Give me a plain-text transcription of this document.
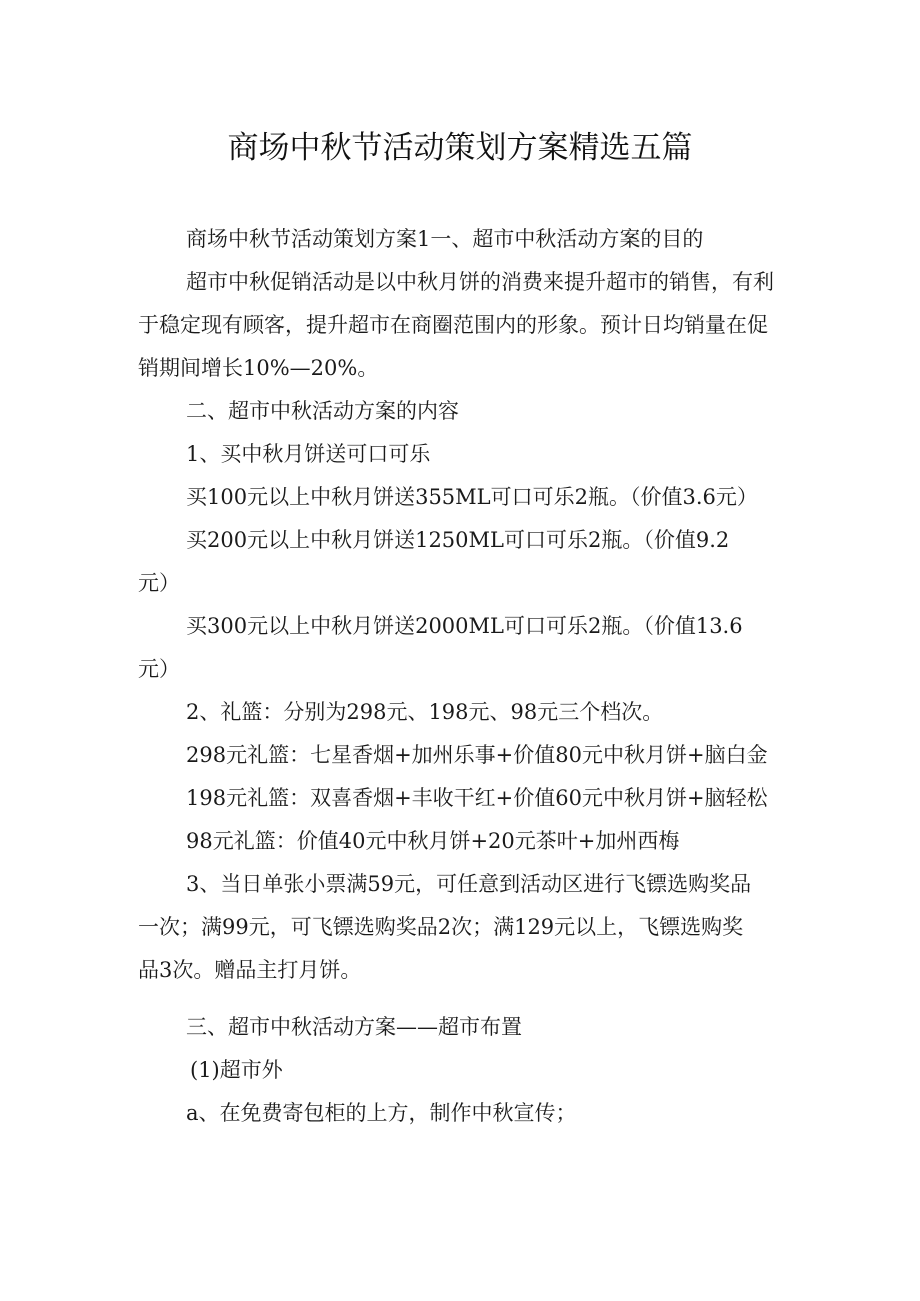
商场中秋节活动策划方案精选五篇

商场中秋节活动策划方案1一、超市中秋活动方案的目的

超市中秋促销活动是以中秋月饼的消费来提升超市的销售，有利

于稳定现有顾客，提升超市在商圈范围内的形象。预计日均销量在促

销期间增长10%—20%。

二、超市中秋活动方案的内容

1、买中秋月饼送可口可乐

买100元以上中秋月饼送355ML可口可乐2瓶。（价值3.6元）

买200元以上中秋月饼送1250ML可口可乐2瓶。（价值9.2

元）

买300元以上中秋月饼送2000ML可口可乐2瓶。（价值13.6

元）

2、礼篮：分别为298元、198元、98元三个档次。

298元礼篮：七星香烟+加州乐事+价值80元中秋月饼+脑白金

198元礼篮：双喜香烟+丰收干红+价值60元中秋月饼+脑轻松

98元礼篮：价值40元中秋月饼+20元茶叶+加州西梅

3、当日单张小票满59元，可任意到活动区进行飞镖选购奖品

一次；满99元，可飞镖选购奖品2次；满129元以上，飞镖选购奖

品3次。赠品主打月饼。

三、超市中秋活动方案——超市布置

(1)超市外

a、在免费寄包柜的上方，制作中秋宣传；
